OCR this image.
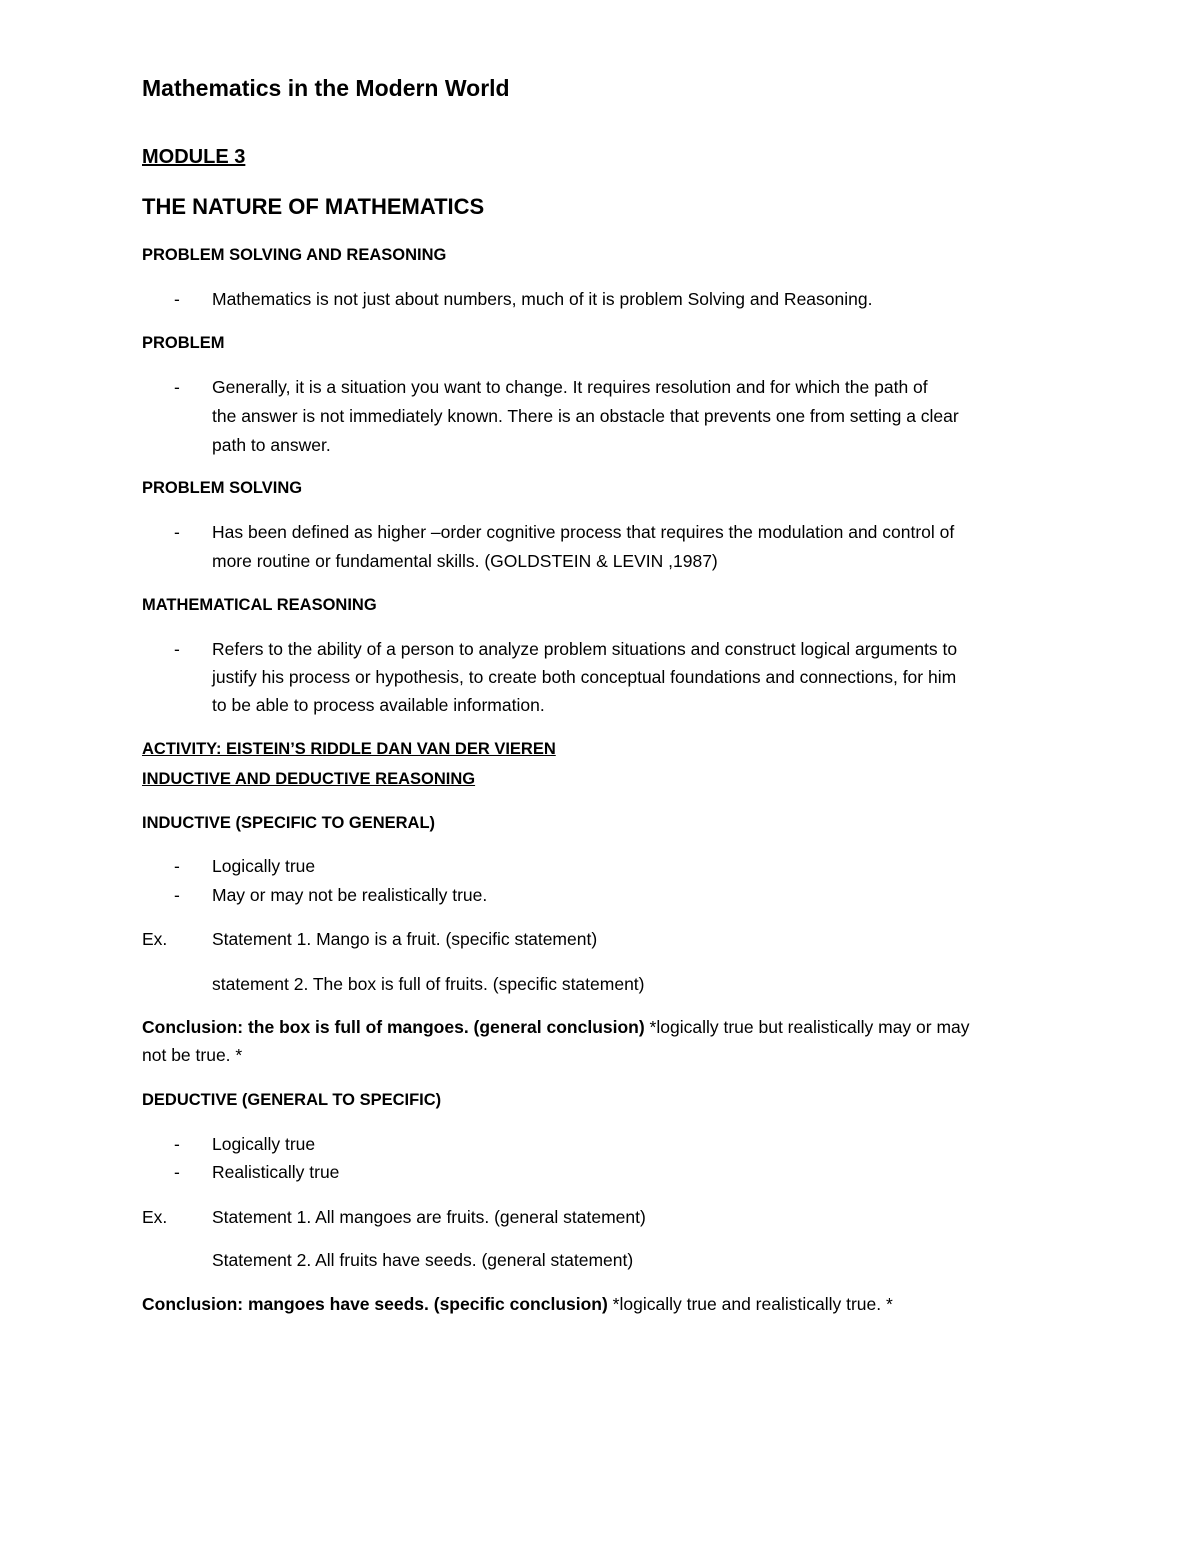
Mathematics in the Modern World
MODULE 3
THE NATURE OF MATHEMATICS
PROBLEM SOLVING AND REASONING
- Mathematics is not just about numbers, much of it is problem Solving and Reasoning.
PROBLEM
- Generally, it is a situation you want to change. It requires resolution and for which the path of
the answer is not immediately known. There is an obstacle that prevents one from setting a clear
path to answer.
PROBLEM SOLVING
- Has been defined as higher –order cognitive process that requires the modulation and control of
more routine or fundamental skills. (GOLDSTEIN & LEVIN ,1987)
MATHEMATICAL REASONING
- Refers to the ability of a person to analyze problem situations and construct logical arguments to
justify his process or hypothesis, to create both conceptual foundations and connections, for him
to be able to process available information.
ACTIVITY: EISTEIN’S RIDDLE DAN VAN DER VIEREN
INDUCTIVE AND DEDUCTIVE REASONING
INDUCTIVE (SPECIFIC TO GENERAL)
- Logically true
- May or may not be realistically true.
Ex.	Statement 1. Mango is a fruit. (specific statement)
statement 2. The box is full of fruits. (specific statement)
Conclusion: the box is full of mangoes. (general conclusion) *logically true but realistically may or may
not be true. *
DEDUCTIVE (GENERAL TO SPECIFIC)
- Logically true
- Realistically true
Ex.	Statement 1. All mangoes are fruits. (general statement)
Statement 2. All fruits have seeds. (general statement)
Conclusion: mangoes have seeds. (specific conclusion) *logically true and realistically true. *
